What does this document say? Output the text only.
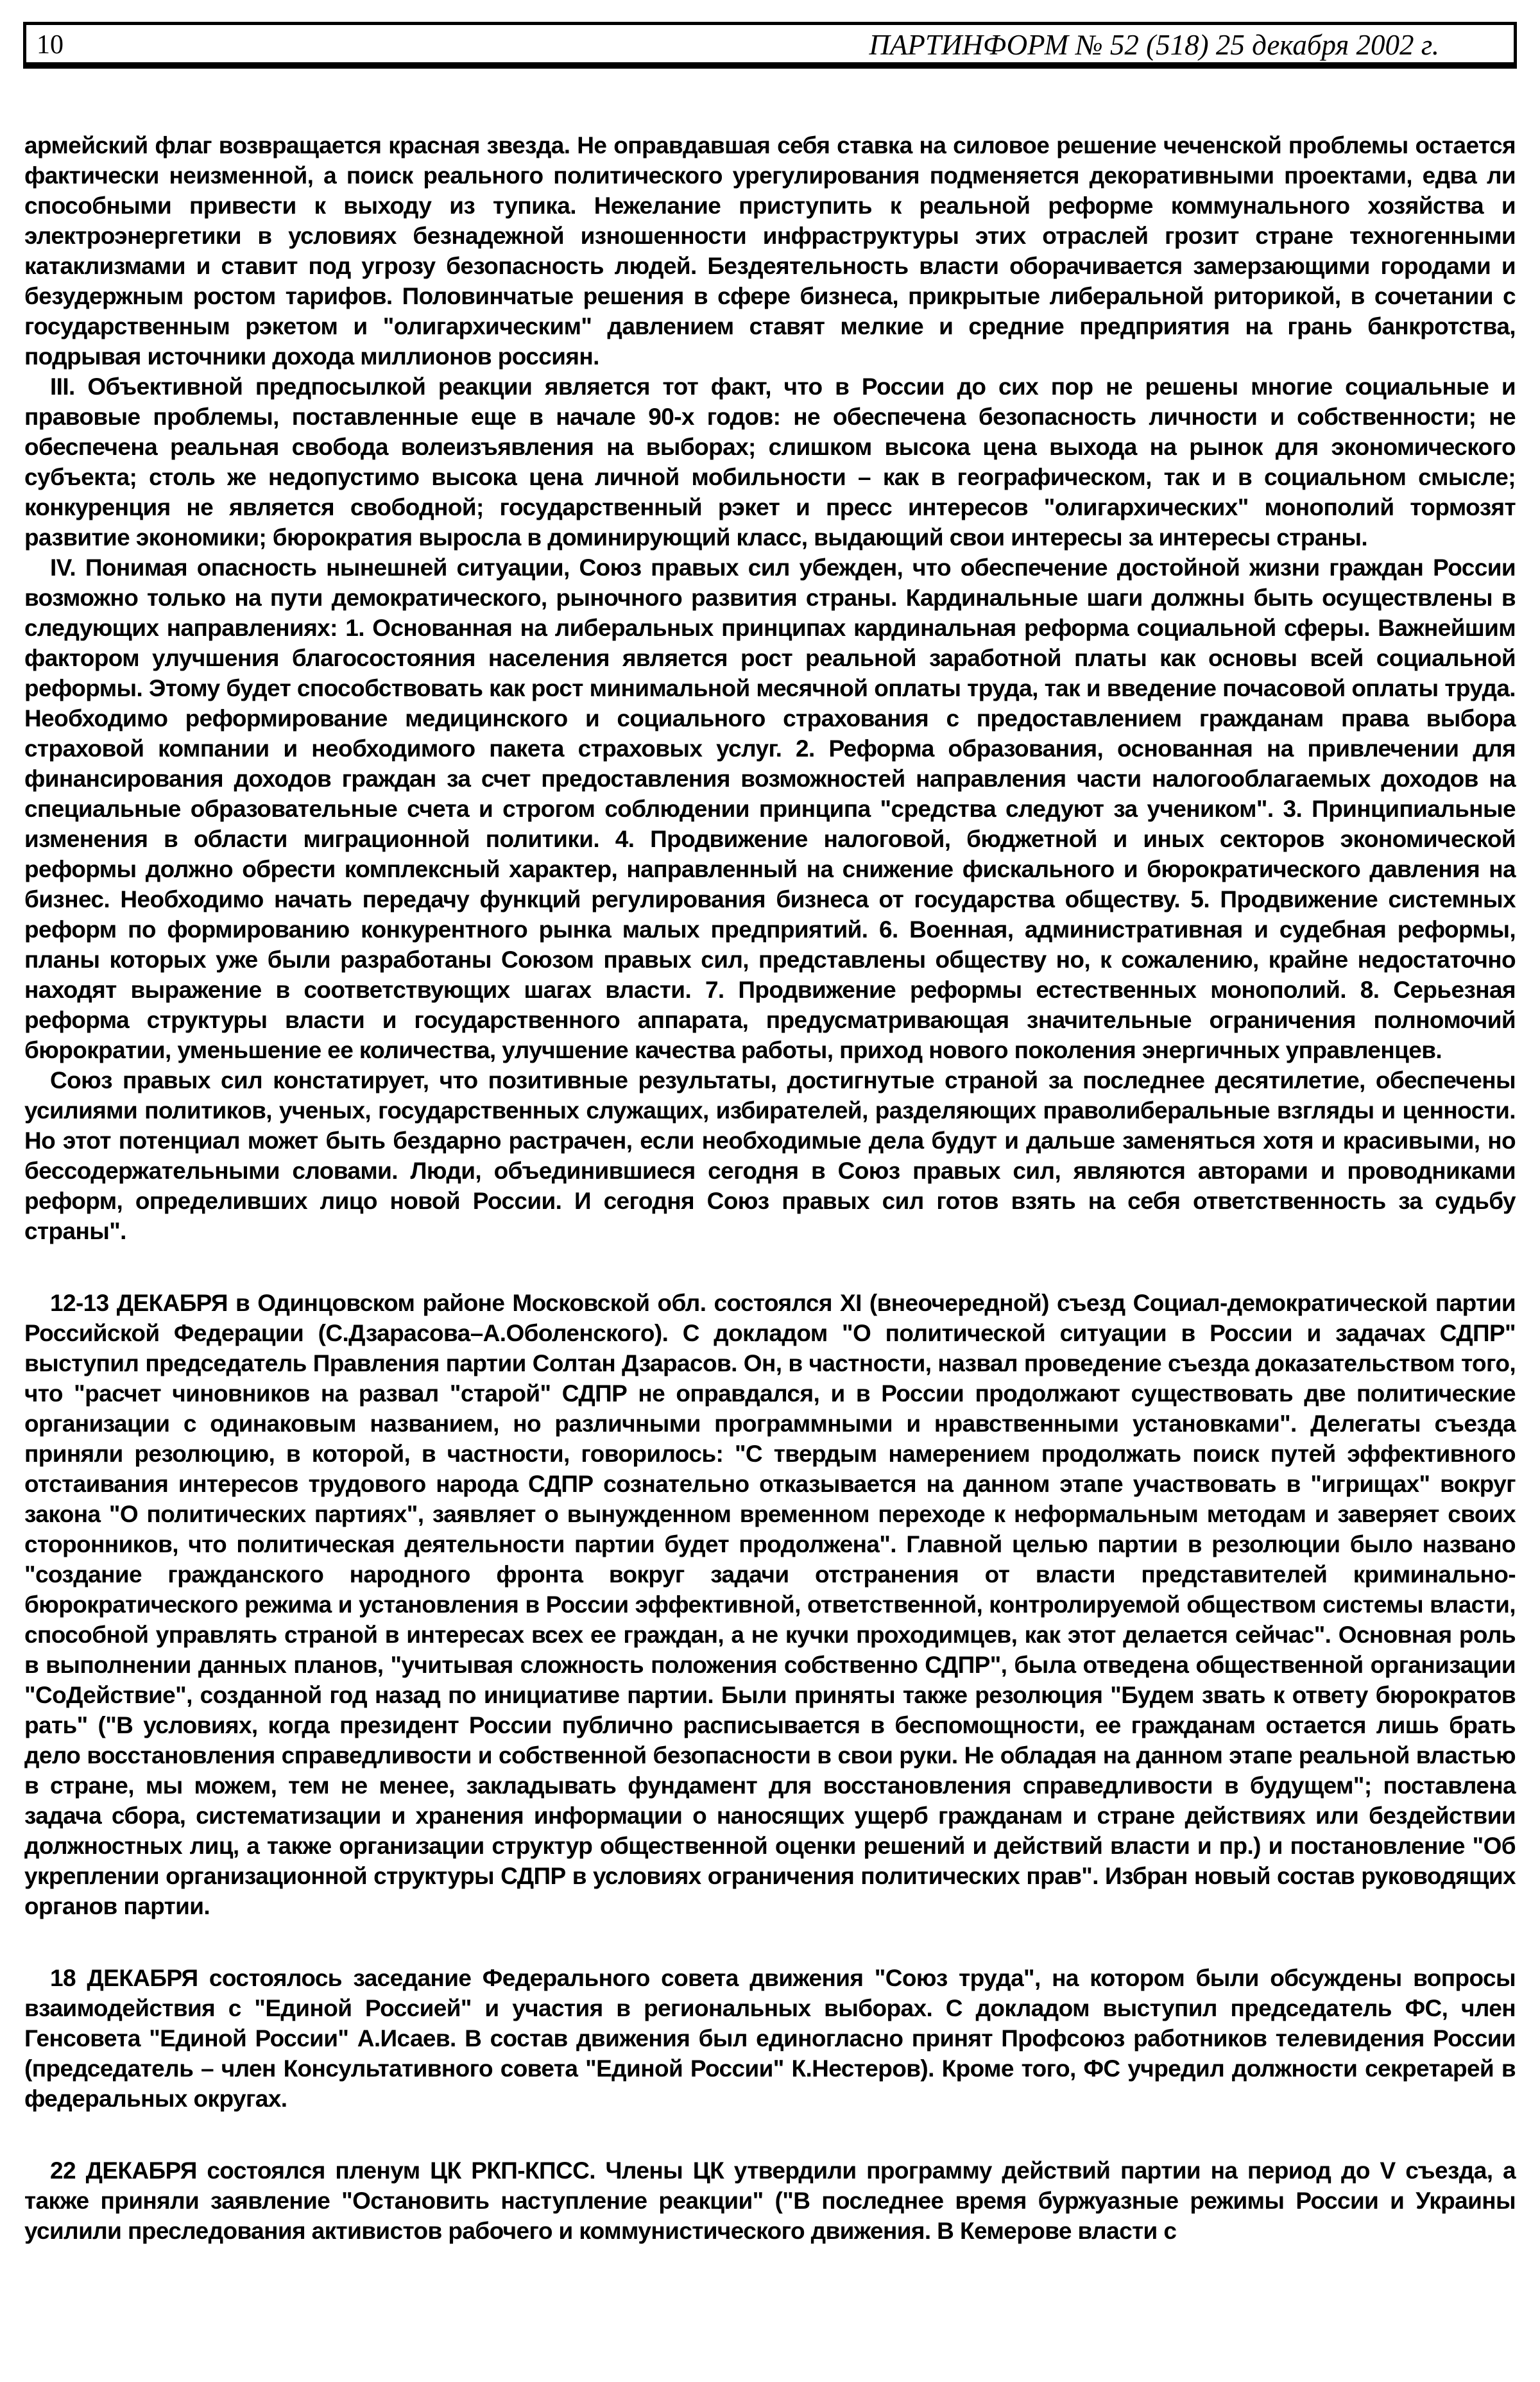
10	ПАРТИНФОРМ № 52 (518) 25 декабря 2002 г.

армейский флаг возвращается красная звезда. Не оправдавшая себя ставка на силовое решение чеченской проблемы остается фактически неизменной, а поиск реального политического урегулирования подменяется декоративными проектами, едва ли способными привести к выходу из тупика. Нежелание приступить к реальной реформе коммунального хозяйства и электроэнергетики в условиях безнадежной изношенности инфраструктуры этих отраслей грозит стране техногенными катаклизмами и ставит под угрозу безопасность людей. Бездеятельность власти оборачивается замерзающими городами и безудержным ростом тарифов. Половинчатые решения в сфере бизнеса, прикрытые либеральной риторикой, в сочетании с государственным рэкетом и "олигархическим" давлением ставят мелкие и средние предприятия на грань банкротства, подрывая источники дохода миллионов россиян.

III. Объективной предпосылкой реакции является тот факт, что в России до сих пор не решены многие социальные и правовые проблемы, поставленные еще в начале 90-х годов: не обеспечена безопасность личности и собственности; не обеспечена реальная свобода волеизъявления на выборах; слишком высока цена выхода на рынок для экономического субъекта; столь же недопустимо высока цена личной мобильности – как в географическом, так и в социальном смысле; конкуренция не является свободной; государственный рэкет и пресс интересов "олигархических" монополий тормозят развитие экономики; бюрократия выросла в доминирующий класс, выдающий свои интересы за интересы страны.

IV. Понимая опасность нынешней ситуации, Союз правых сил убежден, что обеспечение достойной жизни граждан России возможно только на пути демократического, рыночного развития страны. Кардинальные шаги должны быть осуществлены в следующих направлениях: 1. Основанная на либеральных принципах кардинальная реформа социальной сферы. Важнейшим фактором улучшения благосостояния населения является рост реальной заработной платы как основы всей социальной реформы. Этому будет способствовать как рост минимальной месячной оплаты труда, так и введение почасовой оплаты труда. Необходимо реформирование медицинского и социального страхования с предоставлением гражданам права выбора страховой компании и необходимого пакета страховых услуг. 2. Реформа образования, основанная на привлечении для финансирования доходов граждан за счет предоставления возможностей направления части налогооблагаемых доходов на специальные образовательные счета и строгом соблюдении принципа "средства следуют за учеником". 3. Принципиальные изменения в области миграционной политики. 4. Продвижение налоговой, бюджетной и иных секторов экономической реформы должно обрести комплексный характер, направленный на снижение фискального и бюрократического давления на бизнес. Необходимо начать передачу функций регулирования бизнеса от государства обществу. 5. Продвижение системных реформ по формированию конкурентного рынка малых предприятий. 6. Военная, административная и судебная реформы, планы которых уже были разработаны Союзом правых сил, представлены обществу но, к сожалению, крайне недостаточно находят выражение в соответствующих шагах власти. 7. Продвижение реформы естественных монополий. 8. Серьезная реформа структуры власти и государственного аппарата, предусматривающая значительные ограничения полномочий бюрократии, уменьшение ее количества, улучшение качества работы, приход нового поколения энергичных управленцев.

Союз правых сил констатирует, что позитивные результаты, достигнутые страной за последнее десятилетие, обеспечены усилиями политиков, ученых, государственных служащих, избирателей, разделяющих праволиберальные взгляды и ценности. Но этот потенциал может быть бездарно растрачен, если необходимые дела будут и дальше заменяться хотя и красивыми, но бессодержательными словами. Люди, объединившиеся сегодня в Союз правых сил, являются авторами и проводниками реформ, определивших лицо новой России. И сегодня Союз правых сил готов взять на себя ответственность за судьбу страны".

12-13 ДЕКАБРЯ в Одинцовском районе Московской обл. состоялся XI (внеочередной) съезд Социал-демократической партии Российской Федерации (С.Дзарасова–А.Оболенского). С докладом "О политической ситуации в России и задачах СДПР" выступил председатель Правления партии Солтан Дзарасов. Он, в частности, назвал проведение съезда доказательством того, что "расчет чиновников на развал "старой" СДПР не оправдался, и в России продолжают существовать две политические организации с одинаковым названием, но различными программными и нравственными установками". Делегаты съезда приняли резолюцию, в которой, в частности, говорилось: "С твердым намерением продолжать поиск путей эффективного отстаивания интересов трудового народа СДПР сознательно отказывается на данном этапе участвовать в "игрищах" вокруг закона "О политических партиях", заявляет о вынужденном временном переходе к неформальным методам и заверяет своих сторонников, что политическая деятельности партии будет продолжена". Главной целью партии в резолюции было названо "создание гражданского народного фронта вокруг задачи отстранения от власти представителей криминально-бюрократического режима и установления в России эффективной, ответственной, контролируемой обществом системы власти, способной управлять страной в интересах всех ее граждан, а не кучки проходимцев, как этот делается сейчас". Основная роль в выполнении данных планов, "учитывая сложность положения собственно СДПР", была отведена общественной организации "СоДействие", созданной год назад по инициативе партии. Были приняты также резолюция "Будем звать к ответу бюрократов рать" ("В условиях, когда президент России публично расписывается в беспомощности, ее гражданам остается лишь брать дело восстановления справедливости и собственной безопасности в свои руки. Не обладая на данном этапе реальной властью в стране, мы можем, тем не менее, закладывать фундамент для восстановления справедливости в будущем"; поставлена задача сбора, систематизации и хранения информации о наносящих ущерб гражданам и стране действиях или бездействии должностных лиц, а также организации структур общественной оценки решений и действий власти и пр.) и постановление "Об укреплении организационной структуры СДПР в условиях ограничения политических прав". Избран новый состав руководящих органов партии.

18 ДЕКАБРЯ состоялось заседание Федерального совета движения "Союз труда", на котором были обсуждены вопросы взаимодействия с "Единой Россией" и участия в региональных выборах. С докладом выступил председатель ФС, член Генсовета "Единой России" А.Исаев. В состав движения был единогласно принят Профсоюз работников телевидения России (председатель – член Консультативного совета "Единой России" К.Нестеров). Кроме того, ФС учредил должности секретарей в федеральных округах.

22 ДЕКАБРЯ состоялся пленум ЦК РКП-КПСС. Члены ЦК утвердили программу действий партии на период до V съезда, а также приняли заявление "Остановить наступление реакции" ("В последнее время буржуазные режимы России и Украины усилили преследования активистов рабочего и коммунистического движения. В Кемерове власти с
